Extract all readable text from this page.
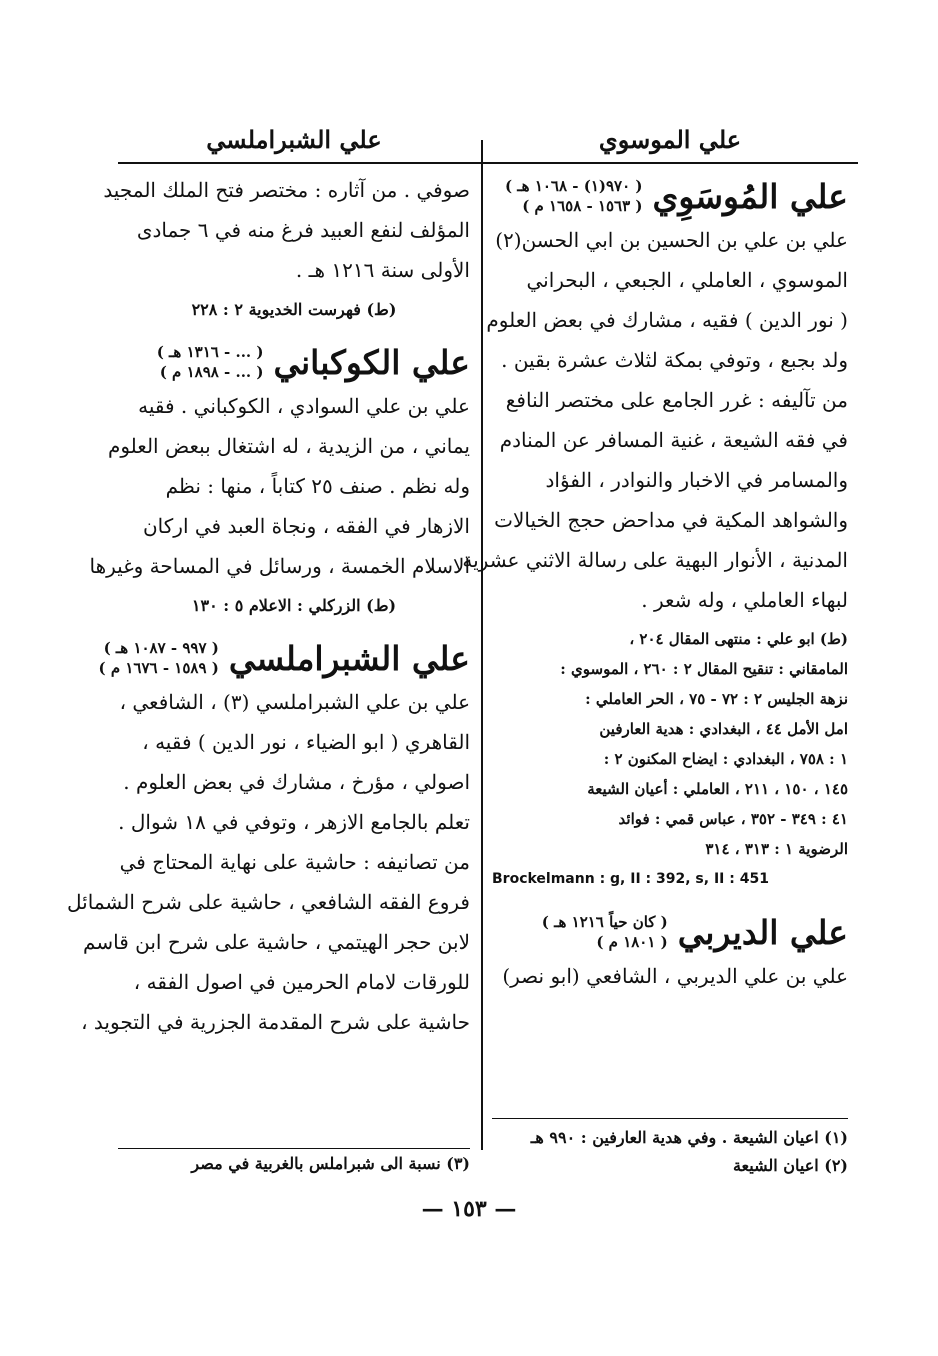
علي الموسوي
علي المُوسَوِي
( ٩٧٠(١) - ١٠٦٨ هـ )
( ١٥٦٣ - ١٦٥٨ م )
علي بن علي بن الحسين بن ابي الحسن(٢)
الموسوي ، العاملي ، الجبعي ، البحراني
( نور الدين ) فقيه ، مشارك في بعض العلوم
ولد بجبع ، وتوفي بمكة لثلاث عشرة بقين .
من تآليفه : غرر الجامع على مختصر النافع
في فقه الشيعة ، غنية المسافر عن المنادم
والمسامر في الاخبار والنوادر ، الفؤاد
والشواهد المكية في مداحض حجج الخيالات
المدنية ، الأنوار البهية على رسالة الاثني عشرية
لبهاء العاملي ، وله شعر .
(ط) ابو علي : منتهى المقال ٢٠٤ ،
المامقاني : تنقيح المقال ٢ : ٢٦٠ ، الموسوي :
نزهة الجليس ٢ : ٧٢ - ٧٥ ، الحر العاملي :
امل الأمل ٤٤ ، البغدادي : هدية العارفين
١ : ٧٥٨ ، البغدادي : ايضاح المكنون ٢ :
١٤٥ ، ١٥٠ ، ٢١١ ، العاملي : أعيان الشيعة
٤١ : ٣٤٩ - ٣٥٢ ، عباس قمي : فوائد
الرضوية ١ : ٣١٣ ، ٣١٤
Brockelmann : g, II : 392, s, II : 451
علي الديربي
( كان حياً ١٢١٦ هـ )
( ١٨٠١ م )
علي بن علي الديربي ، الشافعي (ابو نصر)
علي الشبراملسي
صوفي . من آثاره : مختصر فتح الملك المجيد
المؤلف لنفع العبيد فرغ منه في ٦ جمادى
الأولى سنة ١٢١٦ هـ .
(ط) فهرست الخديوية ٢ : ٢٢٨
علي الكوكباني
( ... - ١٣١٦ هـ )
( ... - ١٨٩٨ م )
علي بن علي السوادي ، الكوكباني . فقيه
يماني ، من الزيدية ، له اشتغال ببعض العلوم
وله نظم . صنف ٢٥ كتاباً ، منها : نظم
الازهار في الفقه ، ونجاة العبد في اركان
الاسلام الخمسة ، ورسائل في المساحة وغيرها
(ط) الزركلي : الاعلام ٥ : ١٣٠
علي الشبراملسي
( ٩٩٧ - ١٠٨٧ هـ )
( ١٥٨٩ - ١٦٧٦ م )
علي بن علي الشبراملسي (٣) ، الشافعي ،
القاهري ( ابو الضياء ، نور الدين ) فقيه ،
اصولي ، مؤرخ ، مشارك في بعض العلوم .
تعلم بالجامع الازهر ، وتوفي في ١٨ شوال .
من تصانيفه : حاشية على نهاية المحتاج في
فروع الفقه الشافعي ، حاشية على شرح الشمائل
لابن حجر الهيتمي ، حاشية على شرح ابن قاسم
للورقات لامام الحرمين في اصول الفقه ،
حاشية على شرح المقدمة الجزرية في التجويد ،
(١) اعيان الشيعة . وفي هدية العارفين : ٩٩٠ هـ
(٢) اعيان الشيعة
(٣) نسبة الى شبراملس بالغربية في مصر
— ١٥٣ —
